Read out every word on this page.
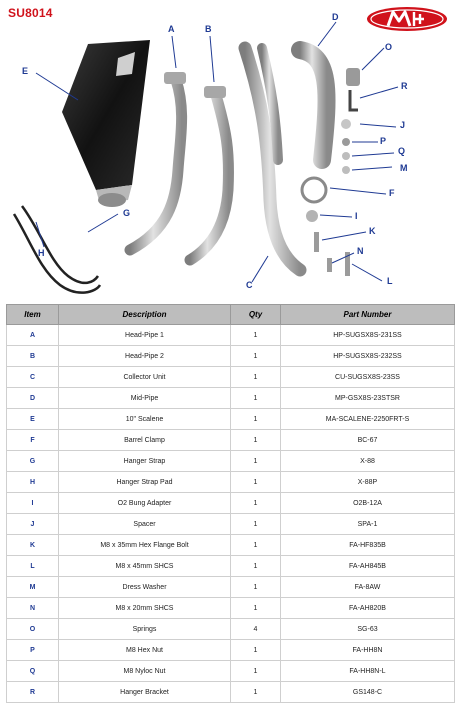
SU8014
A	B
C
D
E
F
G
H
I
J
K
L
M
N
O
P
Q
R
Item	Description	Qty	Part Number
A	Head-Pipe 1	1	HP-SUGSX8S-231SS
B	Head-Pipe 2	1	HP-SUGSX8S-232SS
C	Collector Unit	1	CU-SUGSX8S-23SS
D	Mid-Pipe	1	MP-GSX8S-23STSR
E	10" Scalene	1	MA-SCALENE-2250FRT-S
F	Barrel Clamp	1	BC-67
G	Hanger Strap	1	X-88
H	Hanger Strap Pad	1	X-88P
I	O2 Bung Adapter	1	O2B-12A
J	Spacer	1	SPA-1
K	M8 x 35mm Hex Flange Bolt	1	FA-HF835B
L	M8 x 45mm SHCS	1	FA-AH845B
M	Dress Washer	1	FA-8AW
N	M8 x 20mm SHCS	1	FA-AH820B
O	Springs	4	SG-63
P	M8 Hex Nut	1	FA-HH8N
Q	M8 Nyloc Nut	1	FA-HH8N-L
R	Hanger Bracket	1	GS148-C
